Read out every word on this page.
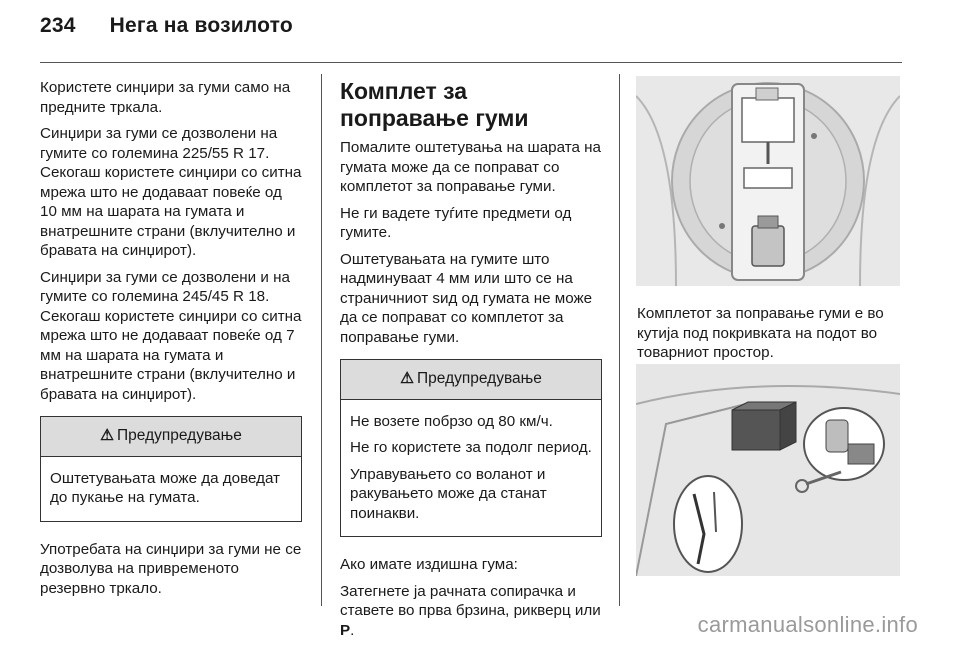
234 Нега на возилото

Користете синџири за гуми само на предните тркала.

Синџири за гуми се дозволени на гумите со големина 225/55 R 17. Секогаш користете синџири со ситна мрежа што не додаваат повеќе од 10 мм на шарата на гумата и внатрешните страни (вклучително и бравата на синџирот).

Синџири за гуми се дозволени и на гумите со големина 245/45 R 18. Секогаш користете синџири со ситна мрежа што не додаваат повеќе од 7 мм на шарата на гумата и внатрешните страни (вклучително и бравата на синџирот).

⚠ Предупредување

Оштетувањата може да доведат до пукање на гумата.

Употребата на синџири за гуми не се дозволува на привременото резервно тркало.

Комплет за поправање гуми

Помалите оштетувања на шарата на гумата може да се поправат со комплетот за поправање гуми.

Не ги вадете туѓите предмети од гумите.

Оштетувањата на гумите што надминуваат 4 мм или што се на страничниот ѕид од гумата не може да се поправат со комплетот за поправање гуми.

⚠ Предупредување

Не возете побрзо од 80 км/ч.

Не го користете за подолг период.

Управувањето со воланот и ракувањето може да станат поинакви.

Ако имате издишна гума:

Затегнете ја рачната сопирачка и ставете во прва брзина, рикверц или P.

Комплетот за поправање гуми е во кутија под покривката на подот во товарниот простор.

carmanualsonline.info
